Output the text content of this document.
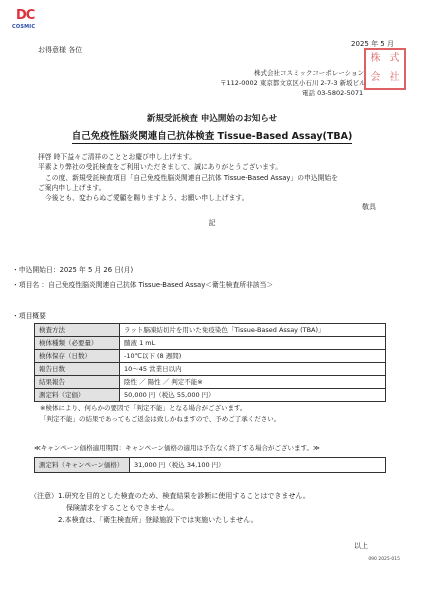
DC
COSMIC
2025 年 5 月
お得意様 各位
株式会社コスミックコーポレーション
〒112-0002 東京都文京区小石川 2-7-3 新坂ビル
電話 03-5802-5071
株 式
会 社
新規受託検査 申込開始のお知らせ
自己免疫性脳炎関連自己抗体検査 Tissue-Based Assay(TBA)

拝啓 時下益々ご清祥のこととお慶び申し上げます。

平素より弊社の受託検査をご利用いただきまして、誠にありがとうございます。

この度、新規受託検査項目「自己免疫性脳炎関連自己抗体 Tissue-Based Assay」の申込開始を

ご案内申し上げます。

今後とも、変わらぬご愛顧を賜りますよう、お願い申し上げます。

敬具
記
・申込開始日：2025 年 5 月 26 日(月)
・項目名 ：自己免疫性脳炎関連自己抗体 Tissue-Based Assay＜衛生検査所非該当＞
・項目概要
検査方法	ラット脳凍結切片を用いた免疫染色「Tissue-Based Assay (TBA)」
検体種類（必要量）	髄液 1 mL
検体保存（日数）	-10℃以下 (8 週間)
報告日数	10～45 営業日以内
結果報告	陰性 ／ 陽性 ／ 判定不能※
測定料（定価）	50,000 円（税込 55,000 円）
※検体により、何らかの要因で「判定不能」となる場合がございます。
「判定不能」の結果であってもご返金は致しかねますので、予めご了承ください。
≪キャンペーン価格適用期間：キャンペーン価格の適用は予告なく終了する場合がございます。≫
測定料（キャンペーン価格）	31,000 円（税込 34,100 円）
（注意）1.研究を目的とした検査のため、検査結果を診断に使用することはできません。
保険請求をすることもできません。
2.本検査は、「衛生検査所」登録施設下では実施いたしません。
以上
090 2025-015
